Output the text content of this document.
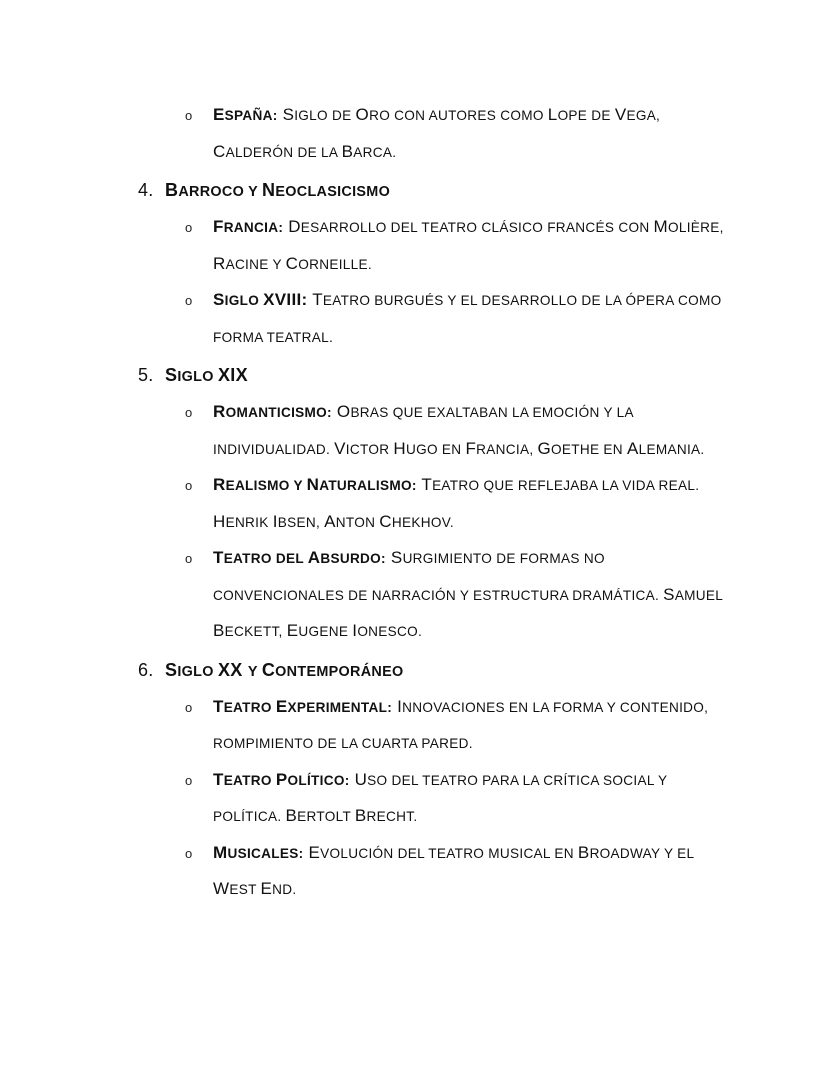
o ESPAÑA: SIGLO DE ORO CON AUTORES COMO LOPE DE VEGA, CALDERÓN DE LA BARCA.
4. BARROCO Y NEOCLASICISMO
o FRANCIA: DESARROLLO DEL TEATRO CLÁSICO FRANCÉS CON MOLIÈRE, RACINE Y CORNEILLE.
o SIGLO XVIII: TEATRO BURGUÉS Y EL DESARROLLO DE LA ÓPERA COMO FORMA TEATRAL.
5. SIGLO XIX
o ROMANTICISMO: OBRAS QUE EXALTABAN LA EMOCIÓN Y LA INDIVIDUALIDAD. VICTOR HUGO EN FRANCIA, GOETHE EN ALEMANIA.
o REALISMO Y NATURALISMO: TEATRO QUE REFLEJABA LA VIDA REAL. HENRIK IBSEN, ANTON CHEKHOV.
o TEATRO DEL ABSURDO: SURGIMIENTO DE FORMAS NO CONVENCIONALES DE NARRACIÓN Y ESTRUCTURA DRAMÁTICA. SAMUEL BECKETT, EUGENE IONESCO.
6. SIGLO XX Y CONTEMPORÁNEO
o TEATRO EXPERIMENTAL: INNOVACIONES EN LA FORMA Y CONTENIDO, ROMPIMIENTO DE LA CUARTA PARED.
o TEATRO POLÍTICO: USO DEL TEATRO PARA LA CRÍTICA SOCIAL Y POLÍTICA. BERTOLT BRECHT.
o MUSICALES: EVOLUCIÓN DEL TEATRO MUSICAL EN BROADWAY Y EL WEST END.
